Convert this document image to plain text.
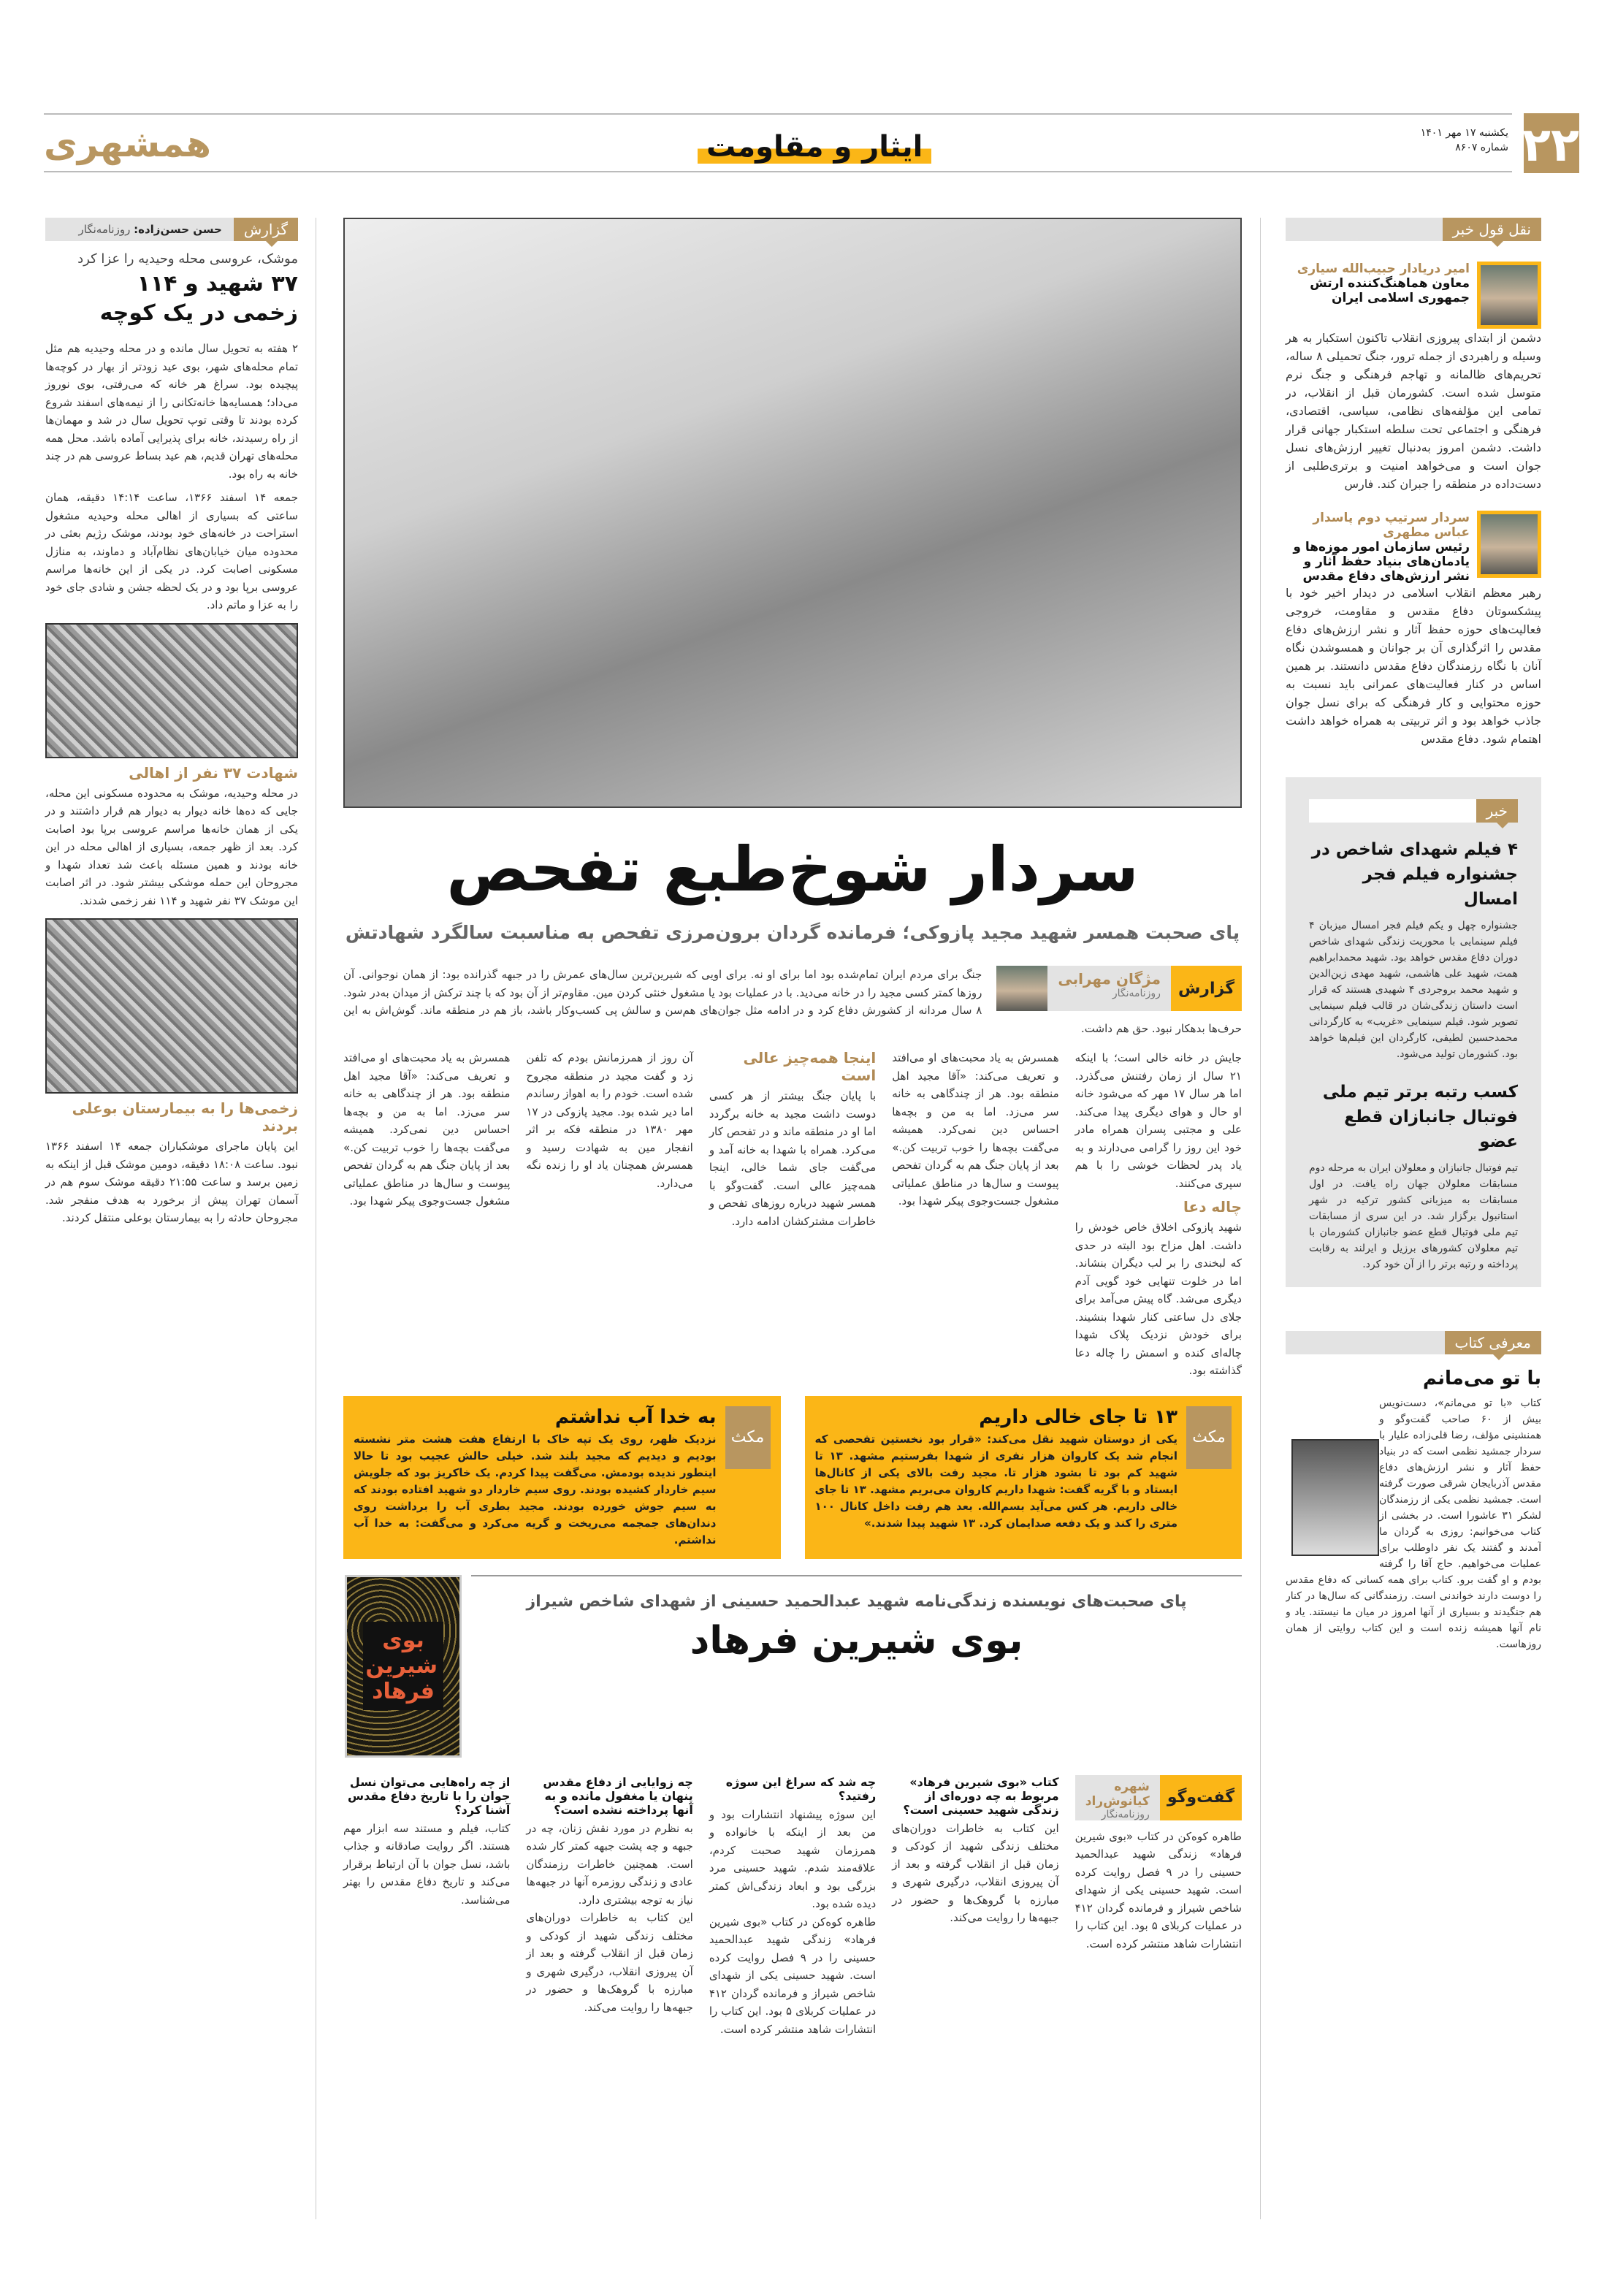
۲۲
یکشنبه ۱۷ مهر ۱۴۰۱
شماره ۸۶۰۷
ایثار و مقاومت
همشهری
گزارش
حسن حسن‌زاده: روزنامه‌نگار
موشک، عروسی محله وحیدیه را عزا کرد
۳۷ شهید و ۱۱۴ زخمی در یک کوچه

۲ هفته به تحویل سال مانده و در محله وحیدیه هم مثل تمام محله‌های شهر، بوی عید زودتر از بهار در کوچه‌ها پیچیده بود. سراغ هر خانه که می‌رفتی، بوی نوروز می‌داد؛ همسایه‌ها خانه‌تکانی را از نیمه‌های اسفند شروع کرده بودند تا وقتی توپ تحویل سال در شد و مهمان‌ها از راه رسیدند، خانه برای پذیرایی آماده باشد. محل همه محله‌های تهران قدیم، هم عید بساط عروسی هم در چند خانه به راه بود.

جمعه ۱۴ اسفند ۱۳۶۶، ساعت ۱۴:۱۴ دقیقه، همان ساعتی که بسیاری از اهالی محله وحیدیه مشغول استراحت در خانه‌های خود بودند، موشک رژیم بعثی در محدوده میان خیابان‌های نظام‌آباد و دماوند، به منازل مسکونی اصابت کرد. در یکی از این خانه‌ها مراسم عروسی برپا بود و در یک لحظه جشن و شادی جای خود را به عزا و ماتم داد.

شهادت ۳۷ نفر از اهالی

در محله وحیدیه، موشک به محدوده مسکونی این محله، جایی که ده‌ها خانه دیوار به دیوار هم قرار داشتند و در یکی از همان خانه‌ها مراسم عروسی برپا بود اصابت کرد. بعد از ظهر جمعه، بسیاری از اهالی محله در این خانه بودند و همین مسئله باعث شد تعداد شهدا و مجروحان این حمله موشکی بیشتر شود. در اثر اصابت این موشک ۳۷ نفر شهید و ۱۱۴ نفر زخمی شدند.

زخمی‌ها را به بیمارستان بوعلی بردند

این پایان ماجرای موشکباران جمعه ۱۴ اسفند ۱۳۶۶ نبود. ساعت ۱۸:۰۸ دقیقه، دومین موشک قبل از اینکه به زمین برسد و ساعت ۲۱:۵۵ دقیقه موشک سوم هم در آسمان تهران پیش از برخورد به هدف منفجر شد. مجروحان حادثه را به بیمارستان بوعلی منتقل کردند.

سردار شوخ‌طبع تفحص
پای صحبت همسر شهید مجید پازوکی؛ فرمانده گردان برون‌مرزی تفحص به مناسبت سالگرد شهادتش
گزارش
مژگان مهرابی
روزنامه‌نگار

جنگ برای مردم ایران تمام‌شده بود اما برای او نه. برای اویی که شیرین‌ترین سال‌های عمرش را در جبهه گذرانده بود: از همان نوجوانی. آن روزها کمتر کسی مجید را در خانه می‌دید. با در عملیات بود یا مشغول خنثی کردن مین. مقاوم‌تر از آن بود که با چند ترکش از میدان به‌در شود. ۸ سال مردانه از کشورش دفاع کرد و در ادامه مثل جوان‌های هم‌سن و سالش پی کسب‌وکار باشد، باز هم در منطقه ماند. گوش‌اش به این حرف‌ها بدهکار نبود. حق هم داشت.

جایش در خانه خالی است؛ با اینکه ۲۱ سال از زمان رفتنش می‌گذرد. اما هر سال ۱۷ مهر که می‌شود خانه او حال و هوای دیگری پیدا می‌کند. علی و مجتبی پسران همراه مادر خود این روز را گرامی می‌دارند و به یاد پدر لحظات خوشی را با هم سپری می‌کنند.

چاله دعا

شهید پازوکی اخلاق خاص خودش را داشت. اهل مزاح بود البته در حدی که لبخندی را بر لب دیگران بنشاند. اما در خلوت تنهایی خود گویی آدم دیگری می‌شد. گاه پیش می‌آمد برای جلای دل ساعتی کنار شهدا بنشیند. برای خودش نزدیک پلاک شهدا چاله‌ای کنده و اسمش را چاله دعا گذاشته بود.

همسرش به یاد محبت‌های او می‌افتد و تعریف می‌کند: «آقا مجید اهل منطقه بود. هر از چندگاهی به خانه سر می‌زد. اما به من و بچه‌ها احساس دین نمی‌کرد. همیشه می‌گفت بچه‌ها را خوب تربیت کن.» بعد از پایان جنگ هم به گردان تفحص پیوست و سال‌ها در مناطق عملیاتی مشغول جست‌وجوی پیکر شهدا بود.

اینجا همه‌چیز عالی است

با پایان جنگ بیشتر از هر کسی دوست داشت مجید به خانه برگردد اما او در منطقه ماند و در تفحص کار می‌کرد. همراه با شهدا به خانه آمد و می‌گفت جای شما خالی، اینجا همه‌چیز عالی است. گفت‌وگو با همسر شهید درباره روزهای تفحص و خاطرات مشترکشان ادامه دارد.

آن روز از همرزمانش بودم که تلفن زد و گفت مجید در منطقه مجروح شده است. خودم را به اهواز رساندم اما دیر شده بود. مجید پازوکی در ۱۷ مهر ۱۳۸۰ در منطقه فکه بر اثر انفجار مین به شهادت رسید و همسرش همچنان یاد او را زنده نگه می‌دارد.

همسرش به یاد محبت‌های او می‌افتد و تعریف می‌کند: «آقا مجید اهل منطقه بود. هر از چندگاهی به خانه سر می‌زد. اما به من و بچه‌ها احساس دین نمی‌کرد. همیشه می‌گفت بچه‌ها را خوب تربیت کن.» بعد از پایان جنگ هم به گردان تفحص پیوست و سال‌ها در مناطق عملیاتی مشغول جست‌وجوی پیکر شهدا بود.

مکث
۱۳ تا جای خالی داریم

یکی از دوستان شهید نقل می‌کند: «قرار بود نخستین تفحصی که انجام شد یک کاروان هزار نفری از شهدا بفرستیم مشهد. ۱۳ تا شهید کم بود تا بشود هزار تا. مجید رفت بالای یکی از کانال‌ها ایستاد و با گریه گفت: شهدا داریم کاروان می‌بریم مشهد. ۱۳ تا جای خالی داریم. هر کس می‌آید بسم‌الله. بعد هم رفت داخل کانال ۱۰۰ متری را کند و یک دفعه صدایمان کرد. ۱۳ شهید پیدا شدند.»

مکث
به خدا آب نداشتم

نزدیک ظهر، روی یک تپه خاک با ارتفاع هفت هشت متر نشسته بودیم و دیدیم که مجید بلند شد. خیلی حالش عجیب بود تا حالا اینطور ندیده بودمش. می‌گفت پیدا کردم. یک خاکریز بود که جلویش سیم خاردار کشیده بودند. روی سیم خاردار دو شهید افتاده بودند که به سیم جوش خورده بودند. مجید بطری آب را برداشت روی دندان‌های جمجمه می‌ریخت و گریه می‌کرد و می‌گفت: به خدا آب نداشتم.

بوی شیرین فرهاد
پای صحبت‌های نویسنده زندگی‌نامه شهید عبدالحمید حسینی از شهدای شاخص شیراز
بوی شیرین فرهاد
گفت‌وگو
شهره کیانوش‌راد
روزنامه‌نگار

طاهره کوه‌کن در کتاب «بوی شیرین فرهاد» زندگی شهید عبدالحمید حسینی را در ۹ فصل روایت کرده است. شهید حسینی یکی از شهدای شاخص شیراز و فرمانده گردان ۴۱۲ در عملیات کربلای ۵ بود. این کتاب را انتشارات شاهد منتشر کرده است.

کتاب «بوی شیرین فرهاد» مربوط به چه دوره‌ای از زندگی شهید حسینی است؟

این کتاب به خاطرات دوران‌های مختلف زندگی شهید از کودکی و زمان قبل از انقلاب گرفته و بعد از آن پیروزی انقلاب، درگیری شهری و مبارزه با گروهک‌ها و حضور در جبهه‌ها را روایت می‌کند.

چه شد که سراغ این سوژه رفتید؟

این سوژه پیشنهاد انتشارات بود و من بعد از اینکه با خانواده و همرزمان شهید صحبت کردم، علاقه‌مند شدم. شهید حسینی مرد بزرگی بود و ابعاد زندگی‌اش کمتر دیده شده بود.

طاهره کوه‌کن در کتاب «بوی شیرین فرهاد» زندگی شهید عبدالحمید حسینی را در ۹ فصل روایت کرده است. شهید حسینی یکی از شهدای شاخص شیراز و فرمانده گردان ۴۱۲ در عملیات کربلای ۵ بود. این کتاب را انتشارات شاهد منتشر کرده است.

چه زوایایی از دفاع مقدس پنهان یا مغفول مانده و به آنها پرداخته نشده است؟

به نظرم در مورد نقش زنان، چه در جبهه و چه پشت جبهه کمتر کار شده است. همچنین خاطرات رزمندگان عادی و زندگی روزمره آنها در جبهه‌ها نیاز به توجه بیشتری دارد.

این کتاب به خاطرات دوران‌های مختلف زندگی شهید از کودکی و زمان قبل از انقلاب گرفته و بعد از آن پیروزی انقلاب، درگیری شهری و مبارزه با گروهک‌ها و حضور در جبهه‌ها را روایت می‌کند.

از چه راه‌هایی می‌توان نسل جوان را با تاریخ دفاع مقدس آشنا کرد؟

کتاب، فیلم و مستند سه ابزار مهم هستند. اگر روایت صادقانه و جذاب باشد، نسل جوان با آن ارتباط برقرار می‌کند و تاریخ دفاع مقدس را بهتر می‌شناسد.

نقل قول خبر
امیر دریادار حبیب‌الله سیاری
معاون هماهنگ‌کننده ارتش جمهوری اسلامی ایران

دشمن از ابتدای پیروزی انقلاب تاکنون استکبار به هر وسیله و راهبردی از جمله ترور، جنگ تحمیلی ۸ ساله، تحریم‌های ظالمانه و تهاجم فرهنگی و جنگ نرم متوسل شده است. کشورمان قبل از انقلاب، در تمامی این مؤلفه‌های نظامی، سیاسی، اقتصادی، فرهنگی و اجتماعی تحت سلطه استکبار جهانی قرار داشت. دشمن امروز به‌دنبال تغییر ارزش‌های نسل جوان است و می‌خواهد امنیت و برتری‌طلبی از دست‌داده در منطقه را جبران کند. فارس

سردار سرتیپ دوم پاسدار عباس مطهری
رئیس سازمان امور موزه‌ها و یادمان‌های بنیاد حفظ آثار و نشر ارزش‌های دفاع مقدس

رهبر معظم انقلاب اسلامی در دیدار اخیر خود با پیشکسوتان دفاع مقدس و مقاومت، خروجی فعالیت‌های حوزه حفظ آثار و نشر ارزش‌های دفاع مقدس را اثرگذاری آن بر جوانان و همسوشدن نگاه آنان با نگاه رزمندگان دفاع مقدس دانستند. بر همین اساس در کنار فعالیت‌های عمرانی باید نسبت به حوزه محتوایی و کار فرهنگی که برای نسل جوان جاذب خواهد بود و اثر تربیتی به همراه خواهد داشت اهتمام شود. دفاع مقدس

خبر
۴ فیلم شهدای شاخص در جشنواره فیلم فجر امسال

جشنواره چهل و یکم فیلم فجر امسال میزبان ۴ فیلم سینمایی با محوریت زندگی شهدای شاخص دوران دفاع مقدس خواهد بود. شهید محمدابراهیم همت، شهید علی هاشمی، شهید مهدی زین‌الدین و شهید محمد بروجردی ۴ شهیدی هستند که قرار است داستان زندگی‌شان در قالب فیلم سینمایی تصویر شود. فیلم سینمایی «غریب» به کارگردانی محمدحسین لطیفی، کارگردان این فیلم‌ها خواهد بود. کشورمان تولید می‌شود.

کسب رتبه برتر تیم ملی فوتبال جانبازان قطع عضو

تیم فوتبال جانبازان و معلولان ایران به مرحله دوم مسابقات معلولان جهان راه یافت. در اول مسابقات به میزبانی کشور ترکیه در شهر استانبول برگزار شد. در این سری از مسابقات تیم ملی فوتبال قطع عضو جانبازان کشورمان با تیم معلولان کشورهای برزیل و ایرلند به رقابت پرداخته و رتبه برتر را از آن خود کرد.

معرفی کتاب
با تو می‌مانم

کتاب «با تو می‌مانم»، دست‌نویس بیش از ۶۰ صاحب گفت‌وگو و همنشینی مؤلف، رضا قلی‌زاده علیار با سردار جمشید نظمی است که در بنیاد حفظ آثار و نشر ارزش‌های دفاع مقدس آذربایجان شرقی صورت گرفته است. جمشید نظمی یکی از رزمندگان لشکر ۳۱ عاشورا است. در بخشی از کتاب می‌خوانیم: روزی به گردان ما آمدند و گفتند یک نفر داوطلب برای عملیات می‌خواهیم. حاج آقا را گرفته بودم و او گفت برو. کتاب برای همه کسانی که دفاع مقدس را دوست دارند خواندنی است. رزمندگانی که سال‌ها در کنار هم جنگیدند و بسیاری از آنها امروز در میان ما نیستند. یاد و نام آنها همیشه زنده است و این کتاب روایتی از همان روزهاست.
